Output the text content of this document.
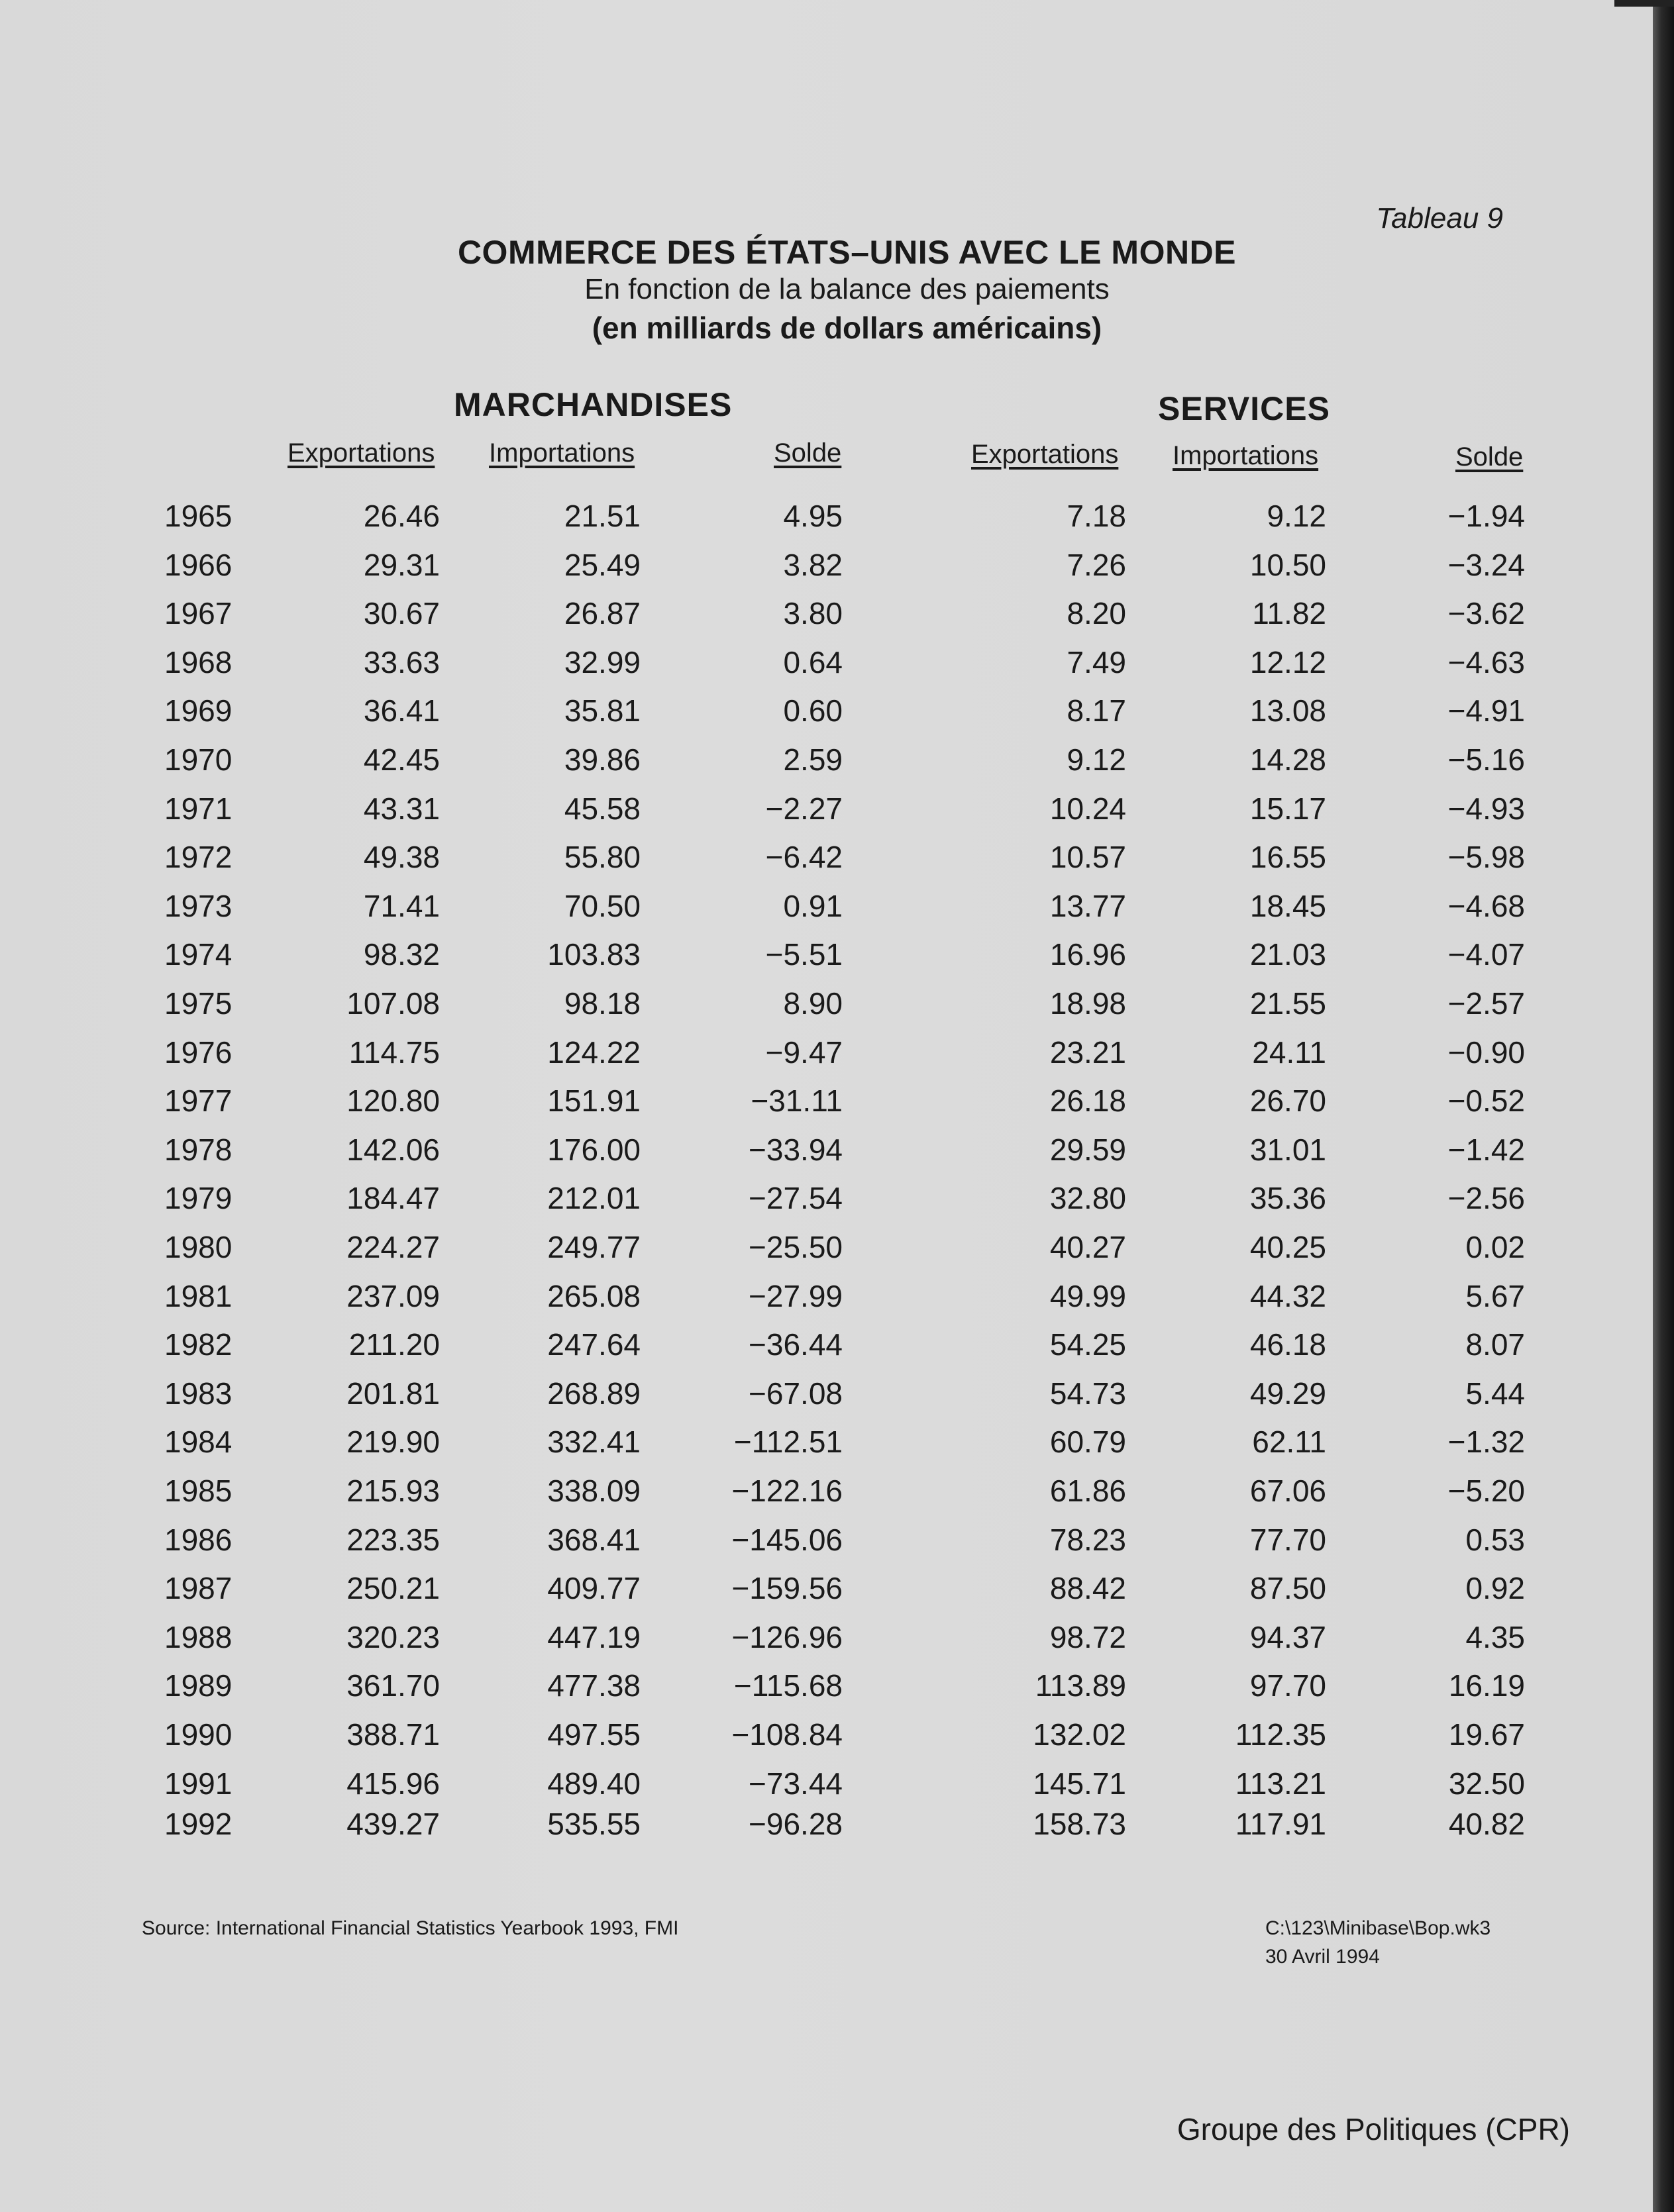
Tableau 9
COMMERCE DES ÉTATS–UNIS AVEC LE MONDE
En fonction de la balance des paiements
(en milliards de dollars américains)
MARCHANDISES	SERVICES
Exportations Importations	Solde	Exportations Importations	Solde
1965	26.46	21.51	4.95	7.18	9.12	−1.94
1966	29.31	25.49	3.82	7.26	10.50	−3.24
1967	30.67	26.87	3.80	8.20	11.82	−3.62
1968	33.63	32.99	0.64	7.49	12.12	−4.63
1969	36.41	35.81	0.60	8.17	13.08	−4.91
1970	42.45	39.86	2.59	9.12	14.28	−5.16
1971	43.31	45.58	−2.27	10.24	15.17	−4.93
1972	49.38	55.80	−6.42	10.57	16.55	−5.98
1973	71.41	70.50	0.91	13.77	18.45	−4.68
1974	98.32	103.83	−5.51	16.96	21.03	−4.07
1975	107.08	98.18	8.90	18.98	21.55	−2.57
1976	114.75	124.22	−9.47	23.21	24.11	−0.90
1977	120.80	151.91	−31.11	26.18	26.70	−0.52
1978	142.06	176.00	−33.94	29.59	31.01	−1.42
1979	184.47	212.01	−27.54	32.80	35.36	−2.56
1980	224.27	249.77	−25.50	40.27	40.25	0.02
1981	237.09	265.08	−27.99	49.99	44.32	5.67
1982	211.20	247.64	−36.44	54.25	46.18	8.07
1983	201.81	268.89	−67.08	54.73	49.29	5.44
1984	219.90	332.41	−112.51	60.79	62.11	−1.32
1985	215.93	338.09	−122.16	61.86	67.06	−5.20
1986	223.35	368.41	−145.06	78.23	77.70	0.53
1987	250.21	409.77	−159.56	88.42	87.50	0.92
1988	320.23	447.19	−126.96	98.72	94.37	4.35
1989	361.70	477.38	−115.68	113.89	97.70	16.19
1990	388.71	497.55	−108.84	132.02	112.35	19.67
1991	415.96	489.40	−73.44	145.71	113.21	32.50
1992	439.27	535.55	−96.28	158.73	117.91	40.82
Source: International Financial Statistics Yearbook 1993, FMI	C:\123\Minibase\Bop.wk3
30 Avril 1994
Groupe des Politiques (CPR)
